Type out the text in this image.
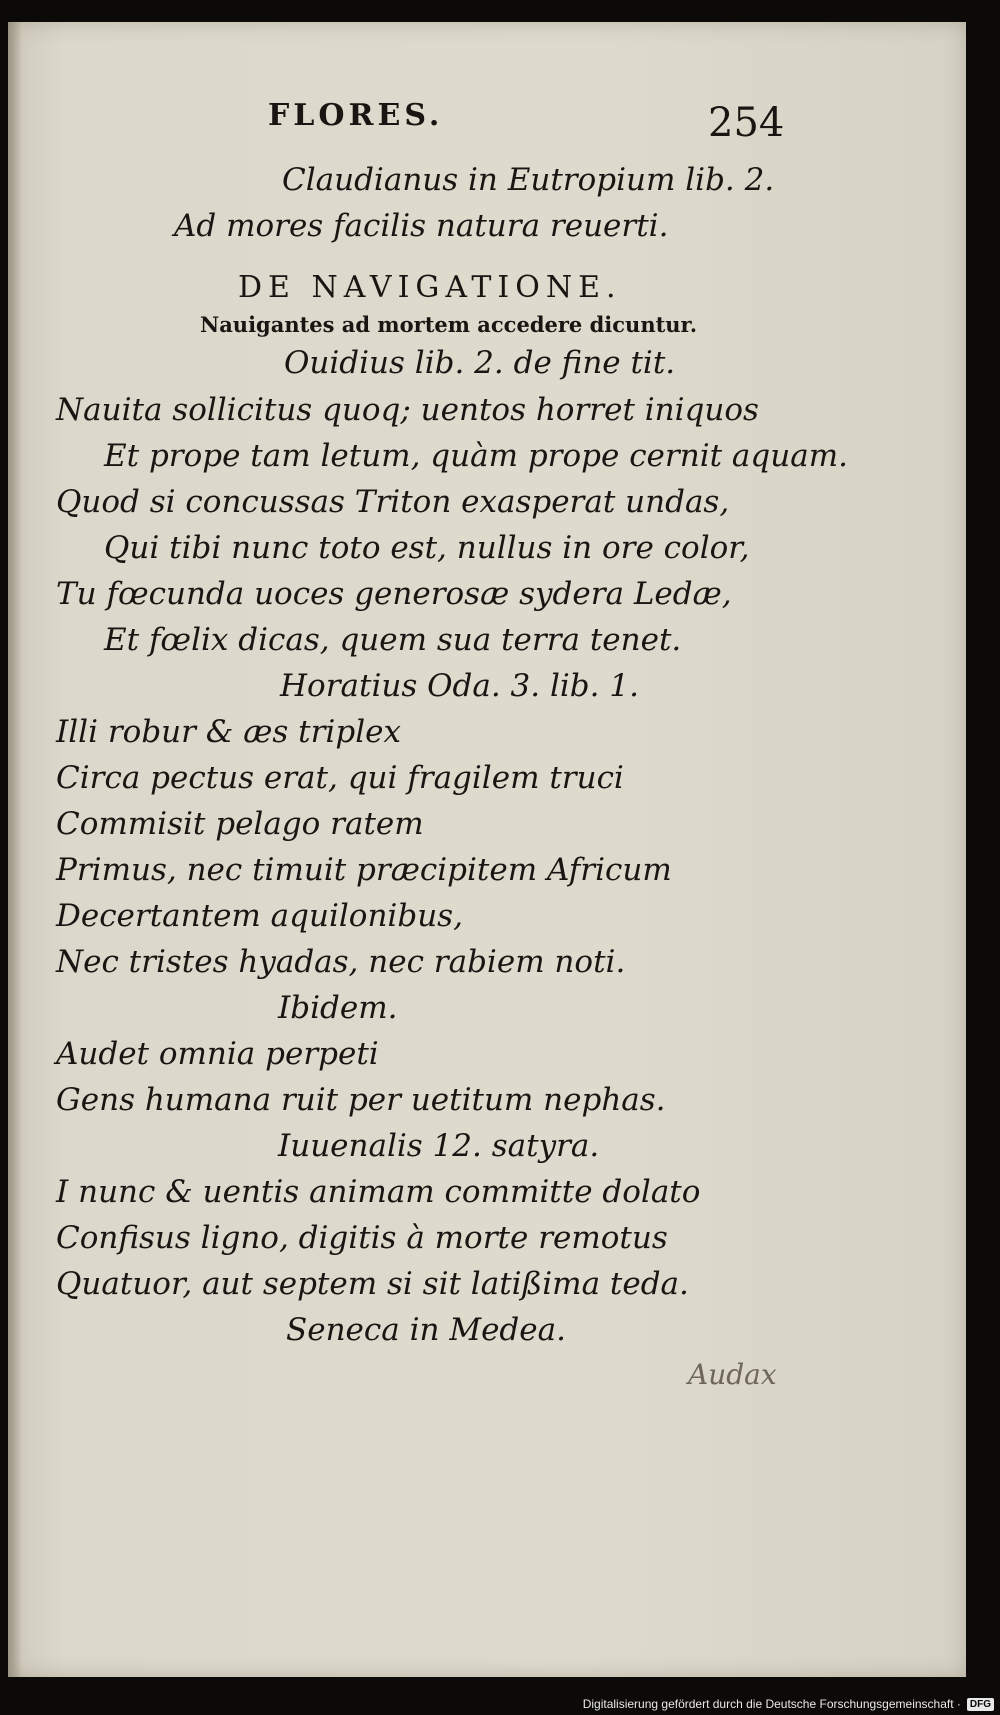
FLORES.	254
Claudianus in Eutropium lib. 2.
Ad mores facilis natura reuerti.
DE NAVIGATIONE.
Nauigantes ad mortem accedere dicuntur.
Ouidius lib. 2. de fine tit.
Nauita sollicitus quoq; uentos horret iniquos
Et prope tam letum, quàm prope cernit aquam.
Quod si concussas Triton exasperat undas,
Qui tibi nunc toto est, nullus in ore color,
Tu fœcunda uoces generosæ sydera Ledæ,
Et fœlix dicas, quem sua terra tenet.
Horatius Oda. 3. lib. 1.
Illi robur & æs triplex
Circa pectus erat, qui fragilem truci
Commisit pelago ratem
Primus, nec timuit præcipitem Africum
Decertantem aquilonibus,
Nec tristes hyadas, nec rabiem noti.
Ibidem.
Audet omnia perpeti
Gens humana ruit per uetitum nephas.
Iuuenalis 12. satyra.
I nunc & uentis animam committe dolato
Confisus ligno, digitis à morte remotus
Quatuor, aut septem si sit latißima teda.
Seneca in Medea.
Audax
Digitalisierung gefördert durch die Deutsche Forschungsgemeinschaft · DFG
